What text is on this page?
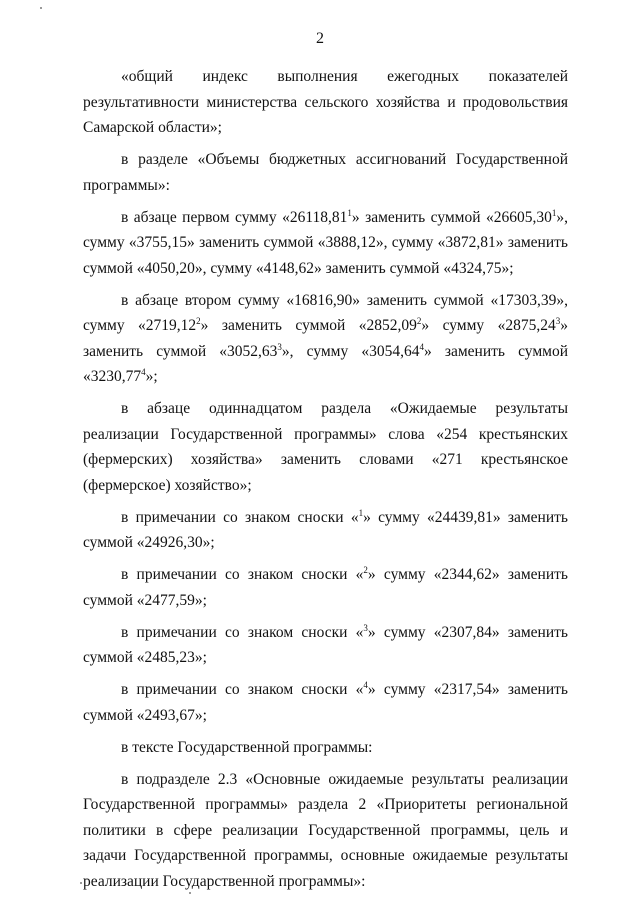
2

«общий индекс выполнения ежегодных показателей результативности министерства сельского хозяйства и продовольствия Самарской области»;

в разделе «Объемы бюджетных ассигнований Государственной программы»:

в абзаце первом сумму «26118,81$^1$» заменить суммой «26605,30$^1$», сумму «3755,15» заменить суммой «3888,12», сумму «3872,81» заменить суммой «4050,20», сумму «4148,62» заменить суммой «4324,75»;

в абзаце втором сумму «16816,90» заменить суммой «17303,39», сумму «2719,12$^2$» заменить суммой «2852,09$^2$» сумму «2875,24$^3$» заменить суммой «3052,63$^3$», сумму «3054,64$^4$» заменить суммой «3230,77$^4$»;

в абзаце одиннадцатом раздела «Ожидаемые результаты реализации Государственной программы» слова «254 крестьянских (фермерских) хозяйства» заменить словами «271 крестьянское (фермерское) хозяйство»;

в примечании со знаком сноски «$^1$» сумму «24439,81» заменить суммой «24926,30»;

в примечании со знаком сноски «$^2$» сумму «2344,62» заменить суммой «2477,59»;

в примечании со знаком сноски «$^3$» сумму «2307,84» заменить суммой «2485,23»;

в примечании со знаком сноски «$^4$» сумму «2317,54» заменить суммой «2493,67»;

в тексте Государственной программы:

в подразделе 2.3 «Основные ожидаемые результаты реализации Государственной программы» раздела 2 «Приоритеты региональной политики в сфере реализации Государственной программы, цель и задачи Государственной программы, основные ожидаемые результаты реализации Государственной программы»:
